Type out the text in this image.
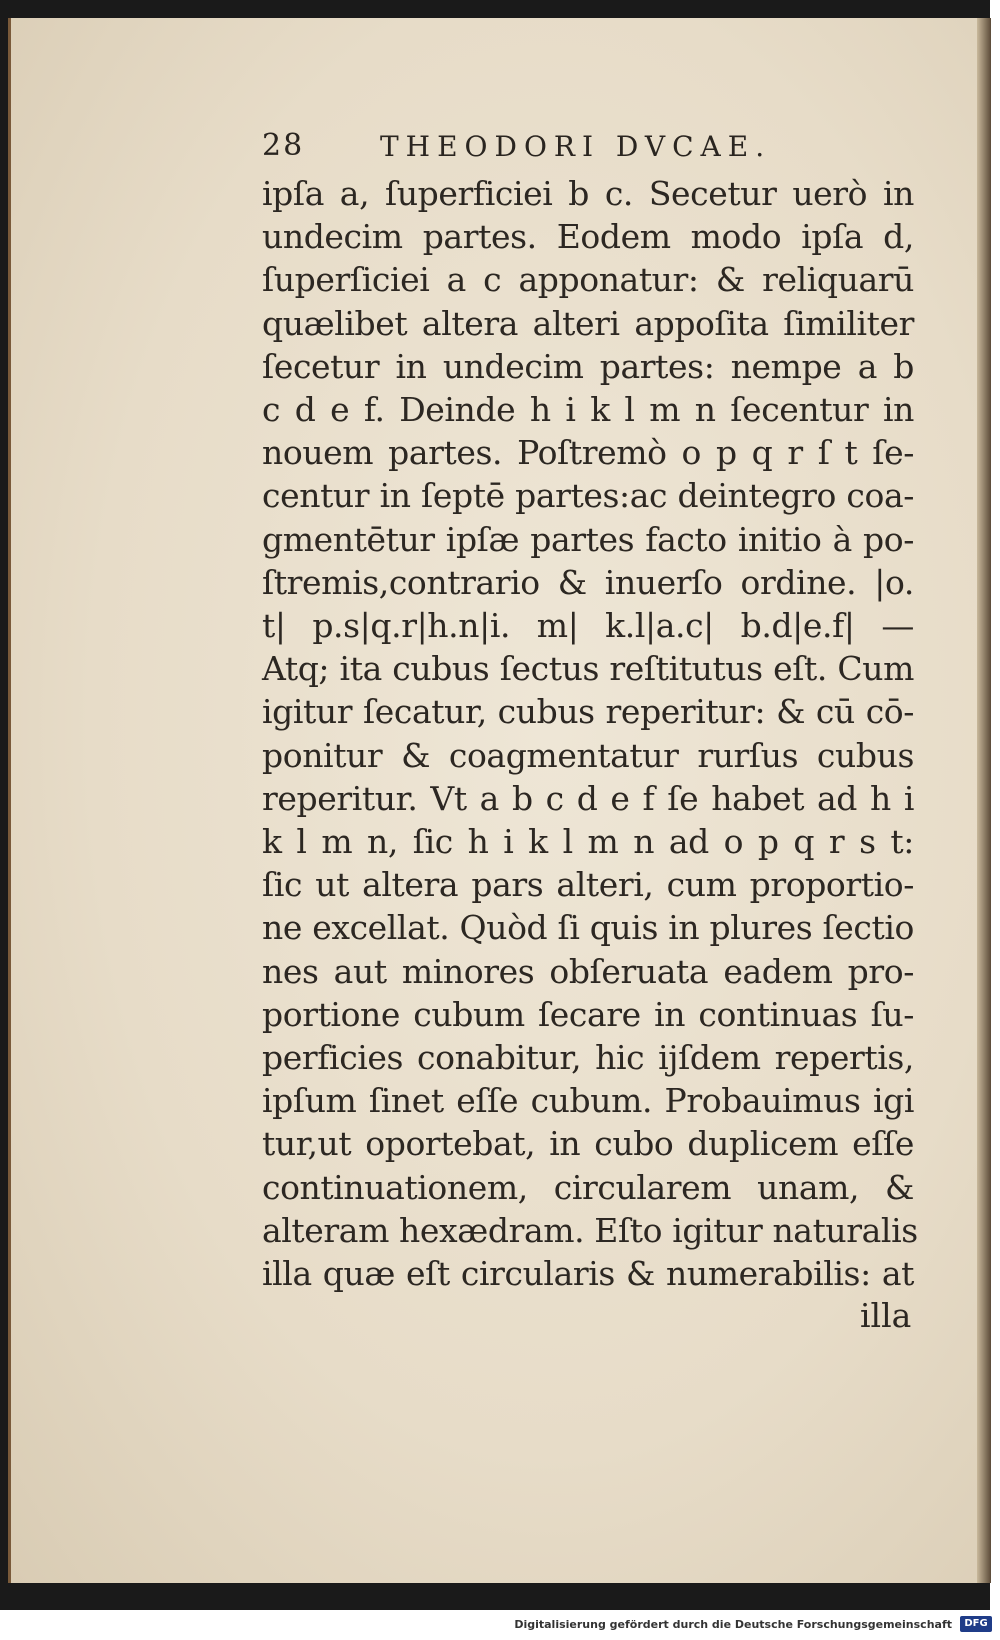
28	THEODORI DVCAE.
ipſa a, ſuperficiei b c. Secetur uerò in
undecim partes. Eodem modo ipſa d,
ſuperſiciei a c apponatur: & reliquarū
quælibet altera alteri appoſita ſimiliter
ſecetur in undecim partes: nempe a b
c d e f. Deinde h i k l m n ſecentur in
nouem partes. Poſtremò o p q r ſ t ſe-
centur in ſeptē partes:ac deintegro coa-
gmentētur ipſæ partes facto initio à po-
ſtremis,contrario & inuerſo ordine. |o.
t| p.s|q.r|h.n|i. m| k.l|a.c| b.d|e.f| —
Atq; ita cubus ſectus reſtitutus eſt. Cum
igitur ſecatur, cubus reperitur: & cū cō-
ponitur & coagmentatur rurſus cubus
reperitur. Vt a b c d e f ſe habet ad h i
k l m n, ſic h i k l m n ad o p q r s t:
ſic ut altera pars alteri, cum proportio-
ne excellat. Quòd ſi quis in plures ſectio
nes aut minores obſeruata eadem pro-
portione cubum ſecare in continuas ſu-
perficies conabitur, hic ijſdem repertis,
ipſum ſinet eſſe cubum. Probauimus igi
tur,ut oportebat, in cubo duplicem eſſe
continuationem, circularem unam, &
alteram hexædram. Eſto igitur naturalis
illa quæ eſt circularis & numerabilis: at
illa
Digitalisierung gefördert durch die Deutsche Forschungsgemeinschaft	DFG
